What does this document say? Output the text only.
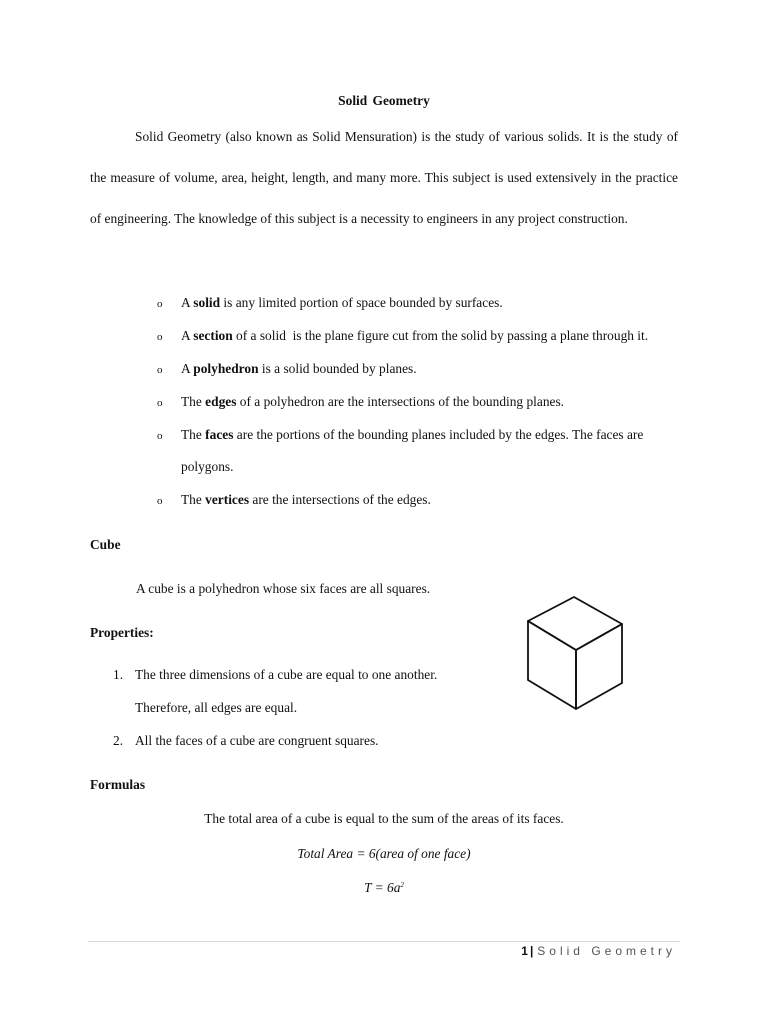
Solid Geometry
Solid Geometry (also known as Solid Mensuration) is the study of various solids. It is the study of the measure of volume, area, height, length, and many more. This subject is used extensively in the practice of engineering. The knowledge of this subject is a necessity to engineers in any project construction.
o A solid is any limited portion of space bounded by surfaces.
o A section of a solid  is the plane figure cut from the solid by passing a plane through it.
o A polyhedron is a solid bounded by planes.
o The edges of a polyhedron are the intersections of the bounding planes.
o The faces are the portions of the bounding planes included by the edges. The faces are
polygons.
o The vertices are the intersections of the edges.
Cube
A cube is a polyhedron whose six faces are all squares.
Properties:
1. The three dimensions of a cube are equal to one another.
Therefore, all edges are equal.
2. All the faces of a cube are congruent squares.
Formulas
The total area of a cube is equal to the sum of the areas of its faces.
Total Area = 6(area of one face)
$T = 6a^2$
1 | Solid Geometry
